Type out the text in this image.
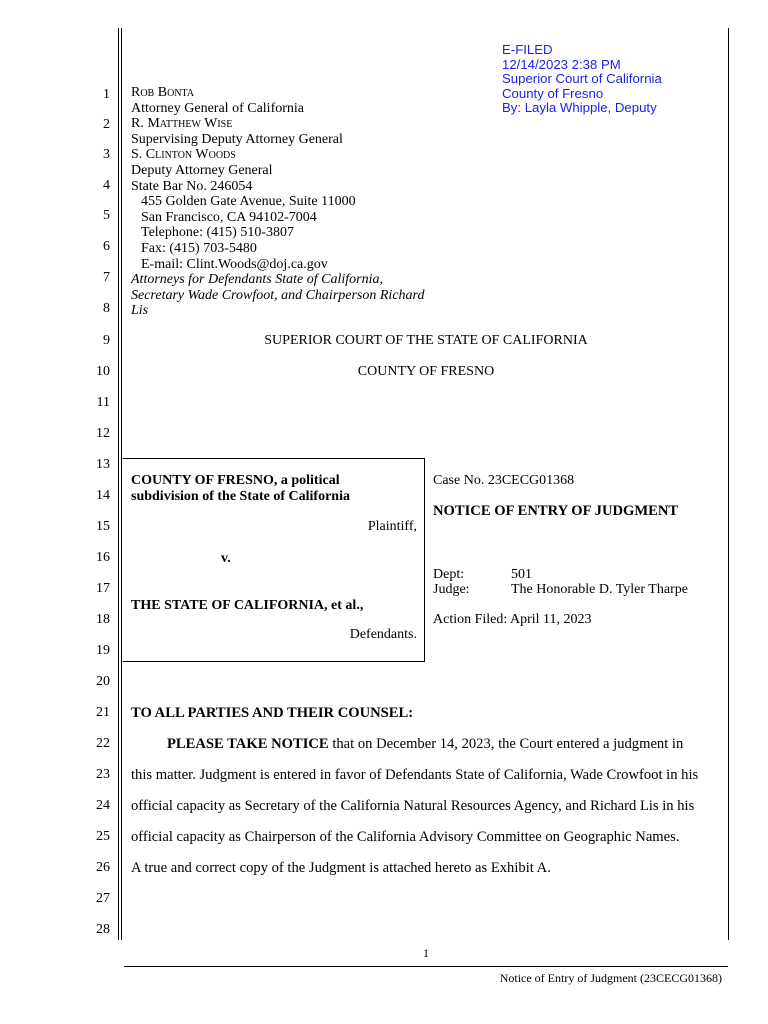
1
2
3
4
5
6
7
8
9
10
11
12
13
14
15
16
17
18
19
20
21
22
23
24
25
26
27
28
E-FILED
12/14/2023 2:38 PM
Superior Court of California
County of Fresno
By: Layla Whipple, Deputy
Rob Bonta
Attorney General of California
R. Matthew Wise
Supervising Deputy Attorney General
S. Clinton Woods
Deputy Attorney General
State Bar No. 246054
455 Golden Gate Avenue, Suite 11000
San Francisco, CA 94102-7004
Telephone: (415) 510-3807
Fax: (415) 703-5480
E-mail: Clint.Woods@doj.ca.gov
Attorneys for Defendants State of California,
Secretary Wade Crowfoot, and Chairperson Richard
Lis
SUPERIOR COURT OF THE STATE OF CALIFORNIA
COUNTY OF FRESNO
COUNTY OF FRESNO, a political
subdivision of the State of California
Plaintiff,
v.
THE STATE OF CALIFORNIA, et al.,
Defendants.
Case No. 23CECG01368
NOTICE OF ENTRY OF JUDGMENT
Dept:	501
Judge:	The Honorable D. Tyler Tharpe
Action Filed: April 11, 2023
TO ALL PARTIES AND THEIR COUNSEL:
PLEASE TAKE NOTICE that on December 14, 2023, the Court entered a judgment in
this matter. Judgment is entered in favor of Defendants State of California, Wade Crowfoot in his
official capacity as Secretary of the California Natural Resources Agency, and Richard Lis in his
official capacity as Chairperson of the California Advisory Committee on Geographic Names.
A true and correct copy of the Judgment is attached hereto as Exhibit A.
1
Notice of Entry of Judgment (23CECG01368)
